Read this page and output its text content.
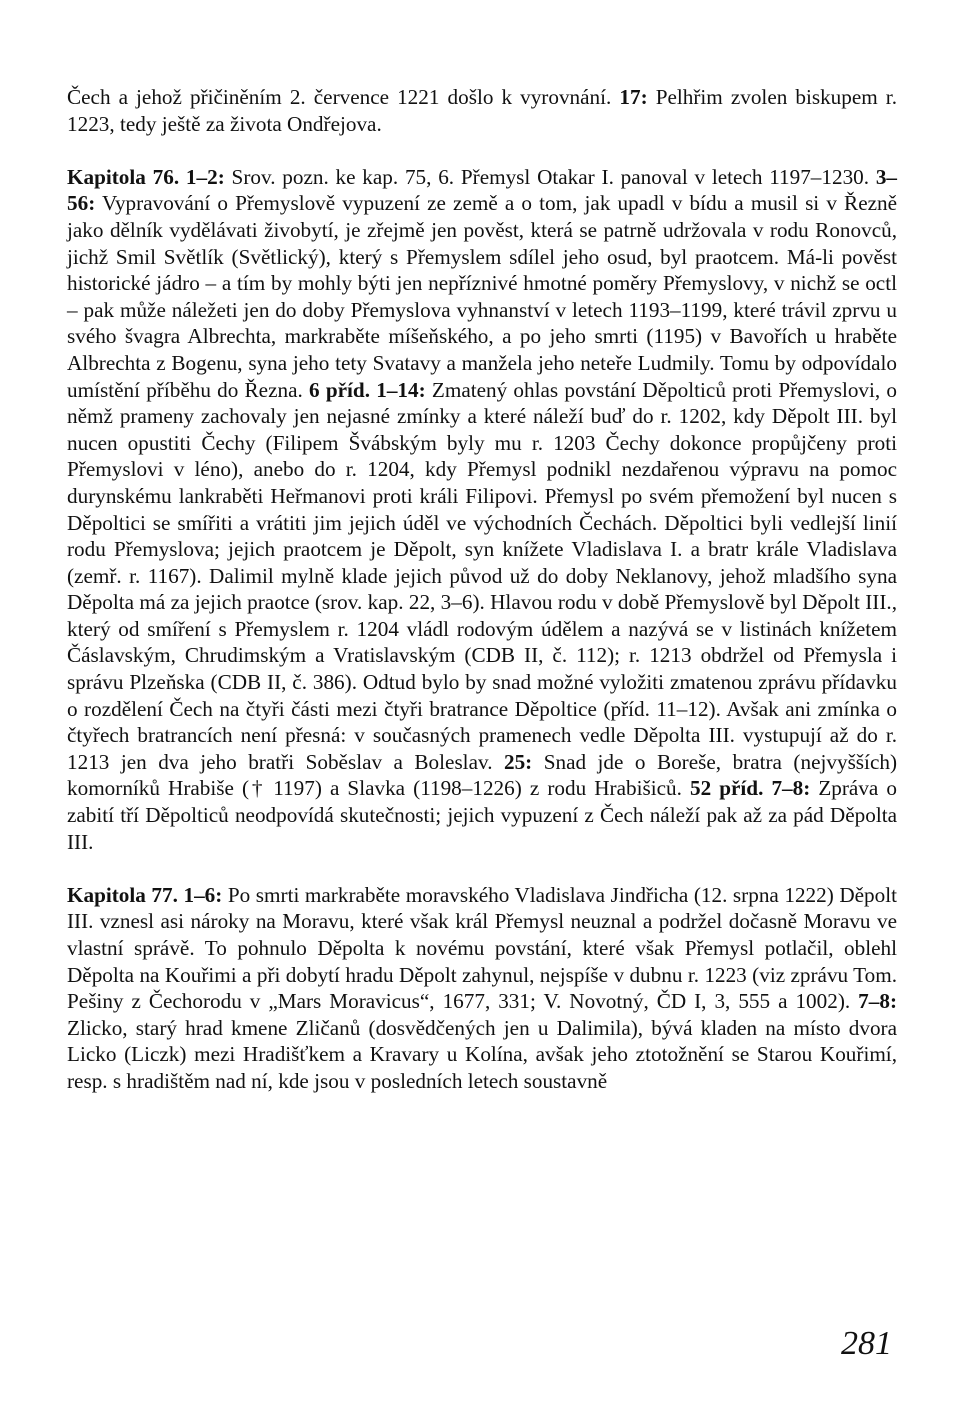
Čech a jehož přičiněním 2. července 1221 došlo k vyrovnání. 17: Pelhřim zvolen biskupem r. 1223, tedy ještě za života Ondřejova.

Kapitola 76. 1–2: Srov. pozn. ke kap. 75, 6. Přemysl Otakar I. panoval v letech 1197–1230. 3–56: Vypravování o Přemyslově vypuzení ze země a o tom, jak upadl v bídu a musil si v Řezně jako dělník vydělávati živobytí, je zřejmě jen pověst, která se patrně udržovala v rodu Ronovců, jichž Smil Světlík (Světlický), který s Přemyslem sdílel jeho osud, byl praotcem. Má-li pověst historické jádro – a tím by mohly býti jen nepříznivé hmotné poměry Přemyslovy, v nichž se octl – pak může náležeti jen do doby Přemyslova vyhnanství v letech 1193–1199, které trávil zprvu u svého švagra Albrechta, markraběte míšeňského, a po jeho smrti (1195) v Bavořích u hraběte Albrechta z Bogenu, syna jeho tety Svatavy a manžela jeho neteře Ludmily. Tomu by odpovídalo umístění příběhu do Řezna. 6 příd. 1–14: Zmatený ohlas povstání Děpolticů proti Přemyslovi, o němž prameny zachovaly jen nejasné zmínky a které náleží buď do r. 1202, kdy Děpolt III. byl nucen opustiti Čechy (Filipem Švábským byly mu r. 1203 Čechy dokonce propůjčeny proti Přemyslovi v léno), anebo do r. 1204, kdy Přemysl podnikl nezdařenou výpravu na pomoc durynskému lankraběti Heřmanovi proti králi Filipovi. Přemysl po svém přemožení byl nucen s Děpoltici se smířiti a vrátiti jim jejich úděl ve východních Čechách. Děpoltici byli vedlejší linií rodu Přemyslova; jejich praotcem je Děpolt, syn knížete Vladislava I. a bratr krále Vladislava (zemř. r. 1167). Dalimil mylně klade jejich původ už do doby Neklanovy, jehož mladšího syna Děpolta má za jejich praotce (srov. kap. 22, 3–6). Hlavou rodu v době Přemyslově byl Děpolt III., který od smíření s Přemyslem r. 1204 vládl rodovým údělem a nazývá se v listinách knížetem Čáslavským, Chrudimským a Vratislavským (CDB II, č. 112); r. 1213 obdržel od Přemysla i správu Plzeňska (CDB II, č. 386). Odtud bylo by snad možné vyložiti zmatenou zprávu přídavku o rozdělení Čech na čtyři části mezi čtyři bratrance Děpoltice (příd. 11–12). Avšak ani zmínka o čtyřech bratrancích není přesná: v současných pramenech vedle Děpolta III. vystupují až do r. 1213 jen dva jeho bratři Soběslav a Boleslav. 25: Snad jde o Boreše, bratra (nejvyšších) komorníků Hrabiše († 1197) a Slavka (1198–1226) z rodu Hrabišiců. 52 příd. 7–8: Zpráva o zabití tří Děpolticů neodpovídá skutečnosti; jejich vypuzení z Čech náleží pak až za pád Děpolta III.

Kapitola 77. 1–6: Po smrti markraběte moravského Vladislava Jindřicha (12. srpna 1222) Děpolt III. vznesl asi nároky na Moravu, které však král Přemysl neuznal a podržel dočasně Moravu ve vlastní správě. To pohnulo Děpolta k novému povstání, které však Přemysl potlačil, oblehl Děpolta na Kouřimi a při dobytí hradu Děpolt zahynul, nejspíše v dubnu r. 1223 (viz zprávu Tom. Pešiny z Čechorodu v „Mars Moravicus“, 1677, 331; V. Novotný, ČD I, 3, 555 a 1002). 7–8: Zlicko, starý hrad kmene Zličanů (dosvědčených jen u Dalimila), bývá kladen na místo dvora Licko (Liczk) mezi Hradišťkem a Kravary u Kolína, avšak jeho ztotožnění se Starou Kouřimí, resp. s hradištěm nad ní, kde jsou v posledních letech soustavně

281
